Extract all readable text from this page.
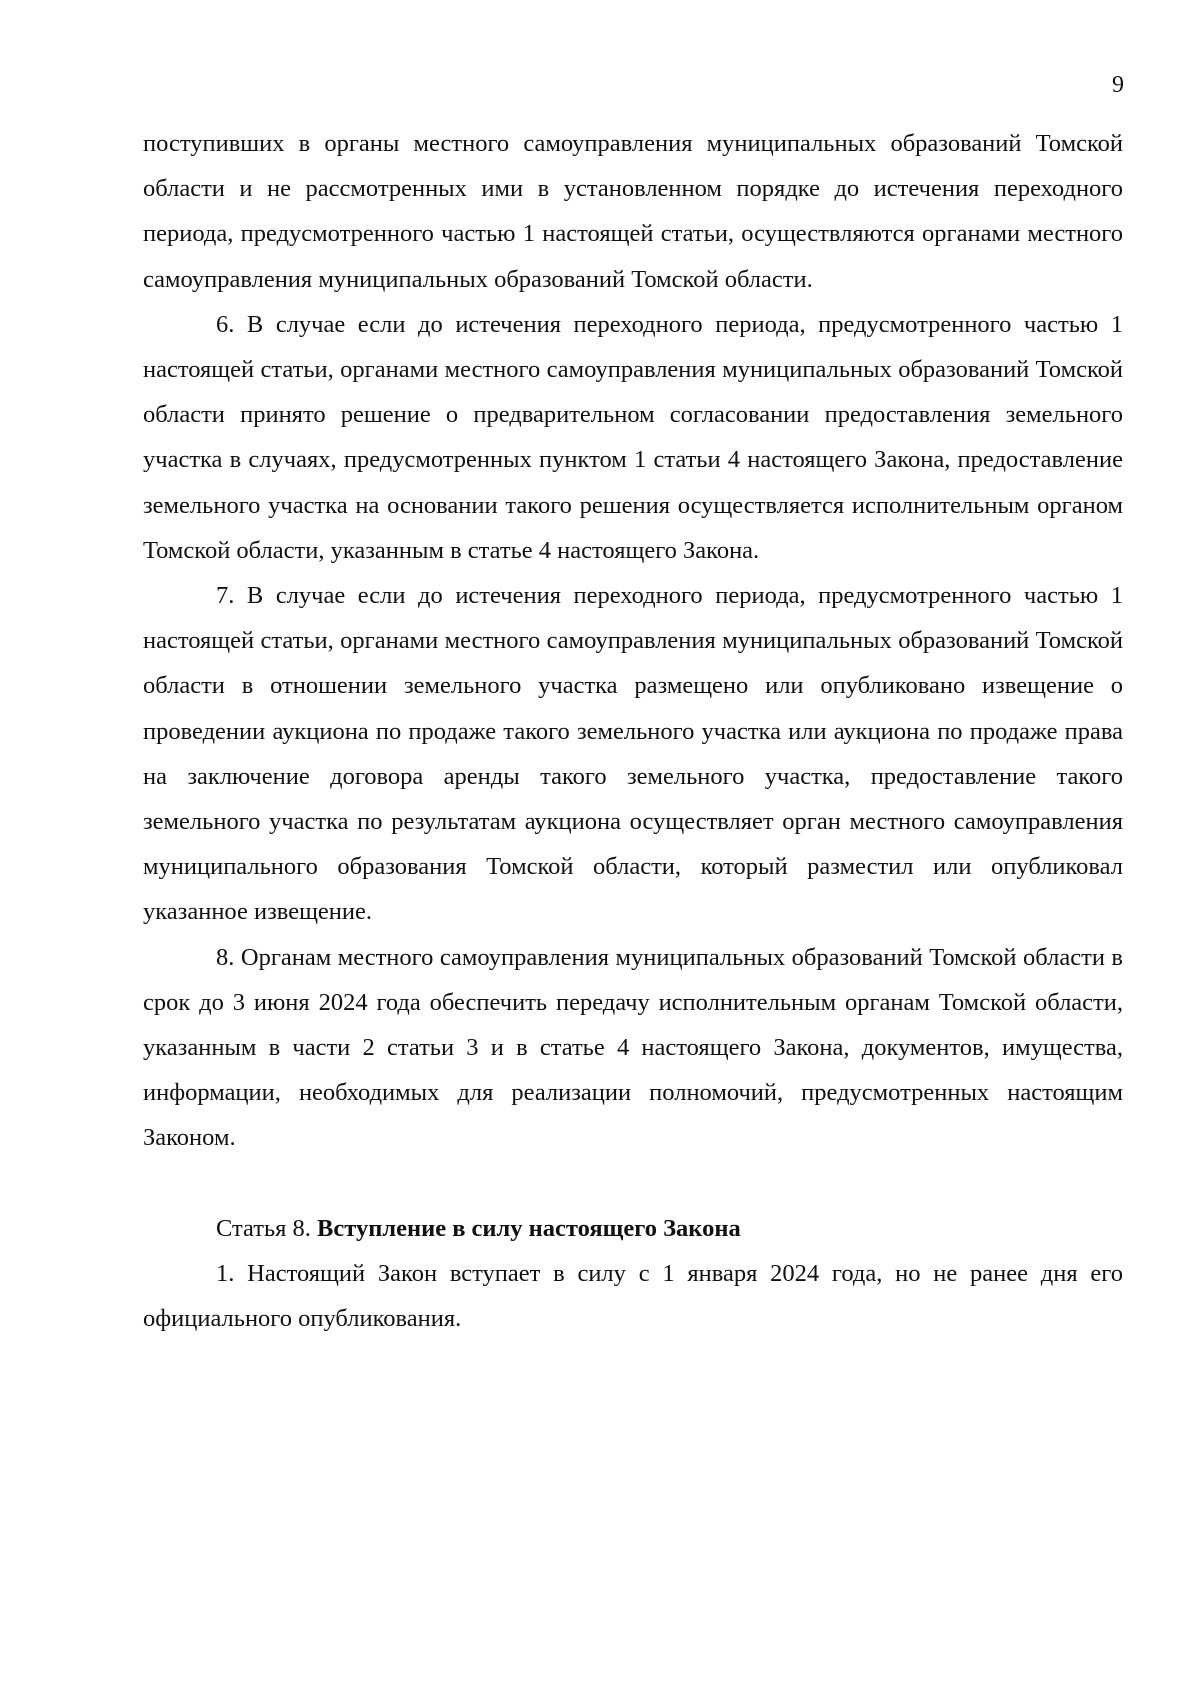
9

поступивших в органы местного самоуправления муниципальных образований Томской области и не рассмотренных ими в установленном порядке до истечения переходного периода, предусмотренного частью 1 настоящей статьи, осуществляются органами местного самоуправления муниципальных образований Томской области.

6. В случае если до истечения переходного периода, предусмотренного частью 1 настоящей статьи, органами местного самоуправления муниципальных образований Томской области принято решение о предварительном согласовании предоставления земельного участка в случаях, предусмотренных пунктом 1 статьи 4 настоящего Закона, предоставление земельного участка на основании такого решения осуществляется исполнительным органом Томской области, указанным в статье 4 настоящего Закона.

7. В случае если до истечения переходного периода, предусмотренного частью 1 настоящей статьи, органами местного самоуправления муниципальных образований Томской области в отношении земельного участка размещено или опубликовано извещение о проведении аукциона по продаже такого земельного участка или аукциона по продаже права на заключение договора аренды такого земельного участка, предоставление такого земельного участка по результатам аукциона осуществляет орган местного самоуправления муниципального образования Томской области, который разместил или опубликовал указанное извещение.

8. Органам местного самоуправления муниципальных образований Томской области в срок до 3 июня 2024 года обеспечить передачу исполнительным органам Томской области, указанным в части 2 статьи 3 и в статье 4 настоящего Закона, документов, имущества, информации, необходимых для реализации полномочий, предусмотренных настоящим Законом.

Статья 8. Вступление в силу настоящего Закона

1. Настоящий Закон вступает в силу с 1 января 2024 года, но не ранее дня его официального опубликования.
